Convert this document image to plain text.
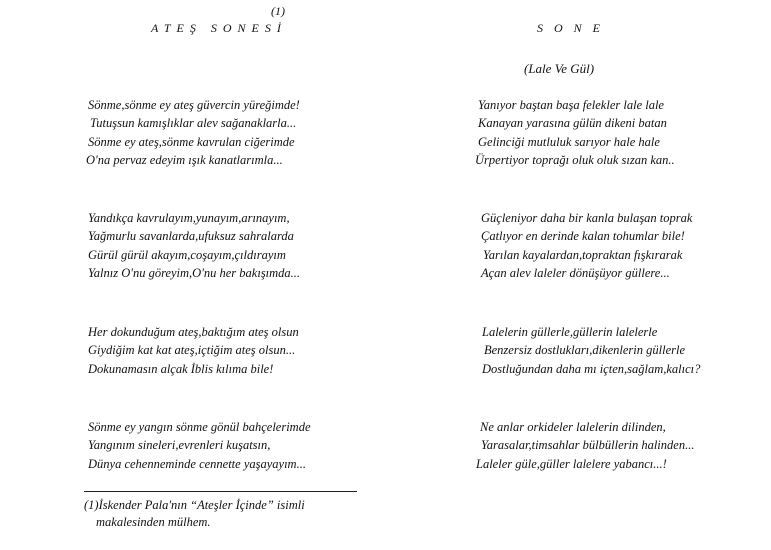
(1)
ATEŞ SONESİ
Sönme,sönme ey ateş güvercin yüreğimde!
Tutuşsun kamışlıklar alev sağanaklarla...
Sönme ey ateş,sönme kavrulan ciğerimde
O'na pervaz edeyim ışık kanatlarımla...
Yandıkça kavrulayım,yunayım,arınayım,
Yağmurlu savanlarda,ufuksuz sahralarda
Gürül gürül akayım,coşayım,çıldırayım
Yalnız O'nu göreyim,O'nu her bakışımda...
Her dokunduğum ateş,baktığım ateş olsun
Giydiğim kat kat ateş,içtiğim ateş olsun...
Dokunamasın alçak İblis kılıma bile!
Sönme ey yangın sönme gönül bahçelerimde
Yangınım sineleri,evrenleri kuşatsın,
Dünya cehenneminde cennette yaşayayım...
SONE
(Lale Ve Gül)
Yanıyor baştan başa felekler lale lale
Kanayan yarasına gülün dikeni batan
Gelinciği mutluluk sarıyor hale hale
Ürpertiyor toprağı oluk oluk sızan kan..
Güçleniyor daha bir kanla bulaşan toprak
Çatlıyor en derinde kalan tohumlar bile!
Yarılan kayalardan,topraktan fışkırarak
Açan alev laleler dönüşüyor güllere...
Lalelerin güllerle,güllerin lalelerle
Benzersiz dostlukları,dikenlerin güllerle
Dostluğundan daha mı içten,sağlam,kalıcı?
Ne anlar orkideler lalelerin dilinden,
Yarasalar,timsahlar bülbüllerin halinden...
Laleler güle,güller lalelere yabancı...!
(1)İskender Pala'nın “Ateşler İçinde” isimli
makalesinden mülhem.
